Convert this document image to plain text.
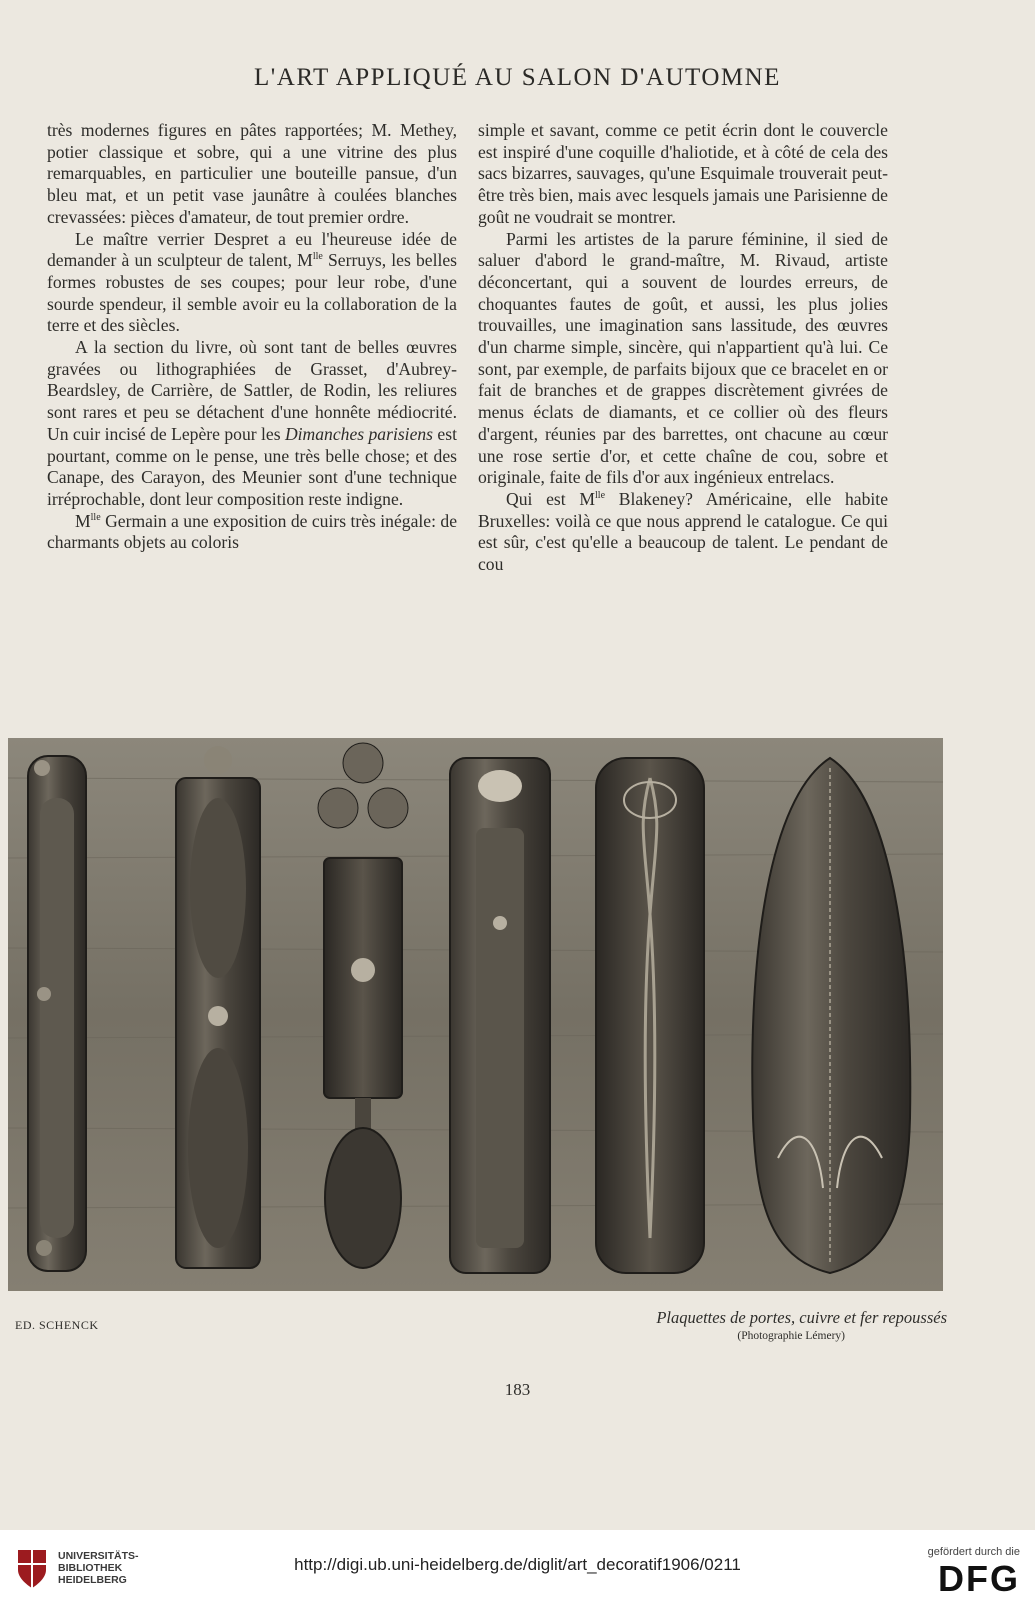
L'ART APPLIQUÉ AU SALON D'AUTOMNE

très modernes figures en pâtes rapportées; M. Methey, potier classique et sobre, qui a une vitrine des plus remarquables, en particulier une bouteille pansue, d'un bleu mat, et un petit vase jaunâtre à coulées blanches crevassées: pièces d'amateur, de tout premier ordre.

Le maître verrier Despret a eu l'heureuse idée de demander à un sculpteur de talent, $M^{lle}$ Serruys, les belles formes robustes de ses coupes; pour leur robe, d'une sourde spendeur, il semble avoir eu la collaboration de la terre et des siècles.

A la section du livre, où sont tant de belles œuvres gravées ou lithographiées de Grasset, d'Aubrey-Beardsley, de Carrière, de Sattler, de Rodin, les reliures sont rares et peu se détachent d'une honnête médiocrité. Un cuir incisé de Lepère pour les Dimanches parisiens est pourtant, comme on le pense, une très belle chose; et des Canape, des Carayon, des Meunier sont d'une technique irréprochable, dont leur composition reste indigne.

$M^{lle}$ Germain a une exposition de cuirs très inégale: de charmants objets au coloris

simple et savant, comme ce petit écrin dont le couvercle est inspiré d'une coquille d'haliotide, et à côté de cela des sacs bizarres, sauvages, qu'une Esquimale trouverait peut-être très bien, mais avec lesquels jamais une Parisienne de goût ne voudrait se montrer.

Parmi les artistes de la parure féminine, il sied de saluer d'abord le grand-maître, M. Rivaud, artiste déconcertant, qui a souvent de lourdes erreurs, de choquantes fautes de goût, et aussi, les plus jolies trouvailles, une imagination sans lassitude, des œuvres d'un charme simple, sincère, qui n'appartient qu'à lui. Ce sont, par exemple, de parfaits bijoux que ce bracelet en or fait de branches et de grappes discrètement givrées de menus éclats de diamants, et ce collier où des fleurs d'argent, réunies par des barrettes, ont chacune au cœur une rose sertie d'or, et cette chaîne de cou, sobre et originale, faite de fils d'or aux ingénieux entrelacs.

Qui est $M^{lle}$ Blakeney? Américaine, elle habite Bruxelles: voilà ce que nous apprend le catalogue. Ce qui est sûr, c'est qu'elle a beaucoup de talent. Le pendant de cou

ED. SCHENCK	Plaquettes de portes, cuivre et fer repoussés
(Photographie Lémery)
183
UNIVERSITÄTS-
BIBLIOTHEK
HEIDELBERG
http://digi.ub.uni-heidelberg.de/diglit/art_decoratif1906/0211
gefördert durch die
DFG
